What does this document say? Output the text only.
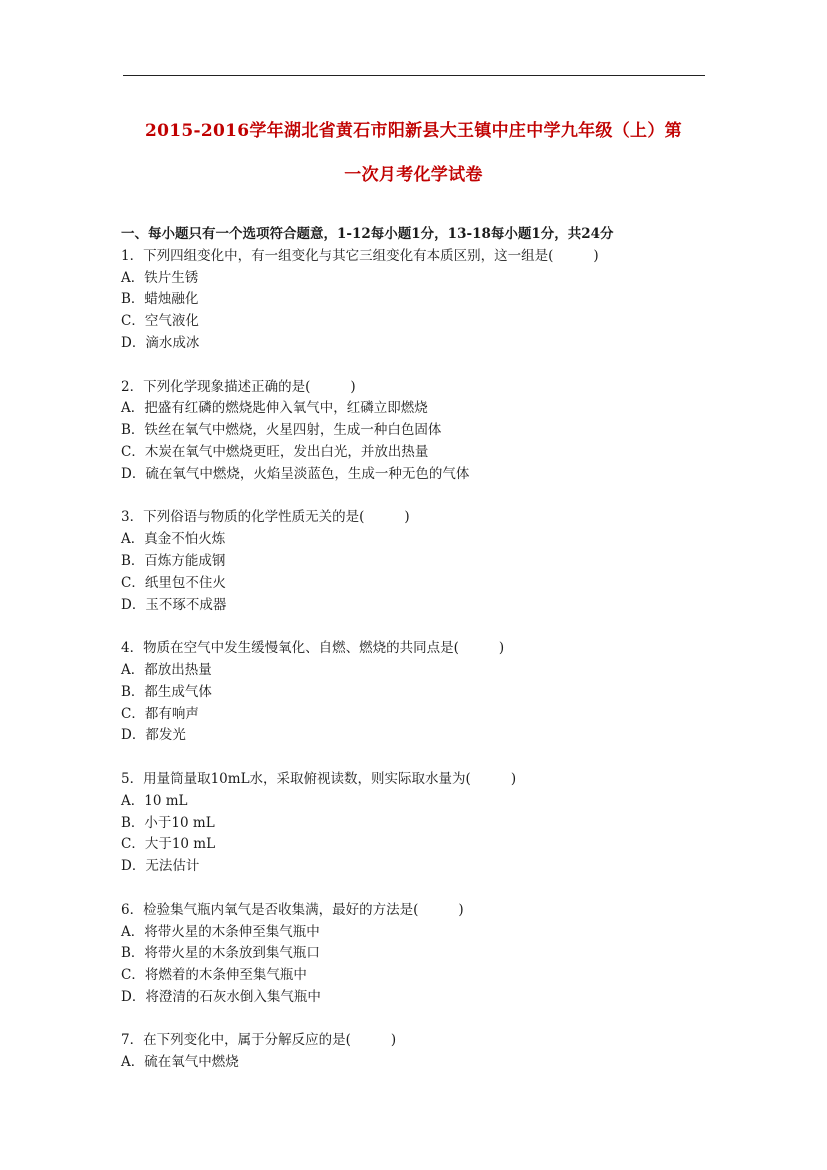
2015-2016学年湖北省黄石市阳新县大王镇中庄中学九年级（上）第
一次月考化学试卷
一、每小题只有一个选项符合题意，1-12每小题1分，13-18每小题1分，共24分
1．下列四组变化中，有一组变化与其它三组变化有本质区别，这一组是(	)
A．铁片生锈
B．蜡烛融化
C．空气液化
D．滴水成冰
2．下列化学现象描述正确的是(	)
A．把盛有红磷的燃烧匙伸入氧气中，红磷立即燃烧
B．铁丝在氧气中燃烧，火星四射，生成一种白色固体
C．木炭在氧气中燃烧更旺，发出白光，并放出热量
D．硫在氧气中燃烧，火焰呈淡蓝色，生成一种无色的气体
3．下列俗语与物质的化学性质无关的是(	)
A．真金不怕火炼
B．百炼方能成钢
C．纸里包不住火
D．玉不琢不成器
4．物质在空气中发生缓慢氧化、自燃、燃烧的共同点是(	)
A．都放出热量
B．都生成气体
C．都有响声
D．都发光
5．用量筒量取10mL水，采取俯视读数，则实际取水量为(	)
A．10 mL
B．小于10 mL
C．大于10 mL
D．无法估计
6．检验集气瓶内氧气是否收集满，最好的方法是(	)
A．将带火星的木条伸至集气瓶中
B．将带火星的木条放到集气瓶口
C．将燃着的木条伸至集气瓶中
D．将澄清的石灰水倒入集气瓶中
7．在下列变化中，属于分解反应的是(	)
A．硫在氧气中燃烧
